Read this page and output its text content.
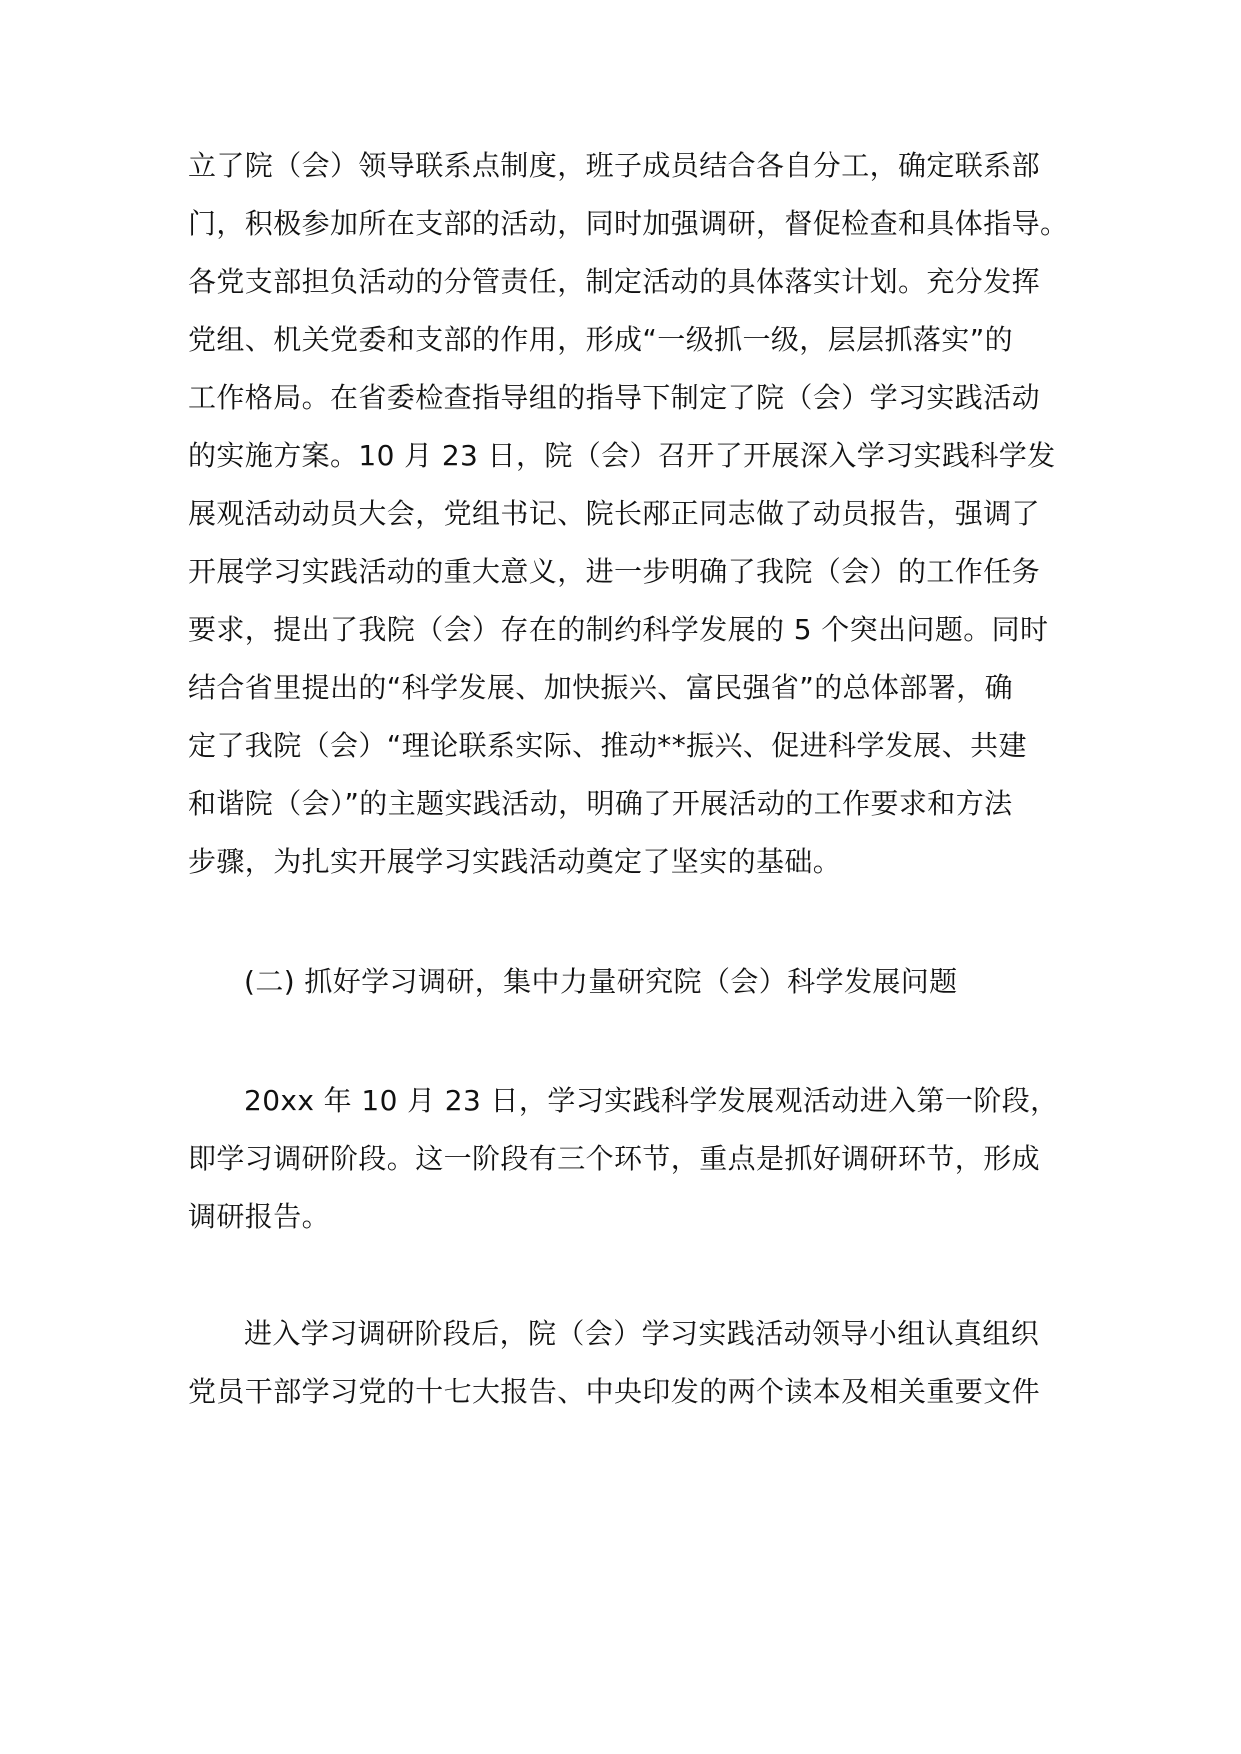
立了院（会）领导联系点制度，班子成员结合各自分工，确定联系部
门，积极参加所在支部的活动，同时加强调研，督促检查和具体指导。
各党支部担负活动的分管责任，制定活动的具体落实计划。充分发挥
党组、机关党委和支部的作用，形成“一级抓一级，层层抓落实”的
工作格局。在省委检查指导组的指导下制定了院（会）学习实践活动
的实施方案。10 月 23 日，院（会）召开了开展深入学习实践科学发
展观活动动员大会，党组书记、院长邴正同志做了动员报告，强调了
开展学习实践活动的重大意义，进一步明确了我院（会）的工作任务
要求，提出了我院（会）存在的制约科学发展的 5 个突出问题。同时
结合省里提出的“科学发展、加快振兴、富民强省”的总体部署，确
定了我院（会）“理论联系实际、推动**振兴、促进科学发展、共建
和谐院（会）”的主题实践活动，明确了开展活动的工作要求和方法
步骤，为扎实开展学习实践活动奠定了坚实的基础。
(二) 抓好学习调研，集中力量研究院（会）科学发展问题
20xx 年 10 月 23 日，学习实践科学发展观活动进入第一阶段，
即学习调研阶段。这一阶段有三个环节，重点是抓好调研环节，形成
调研报告。
进入学习调研阶段后，院（会）学习实践活动领导小组认真组织
党员干部学习党的十七大报告、中央印发的两个读本及相关重要文件
